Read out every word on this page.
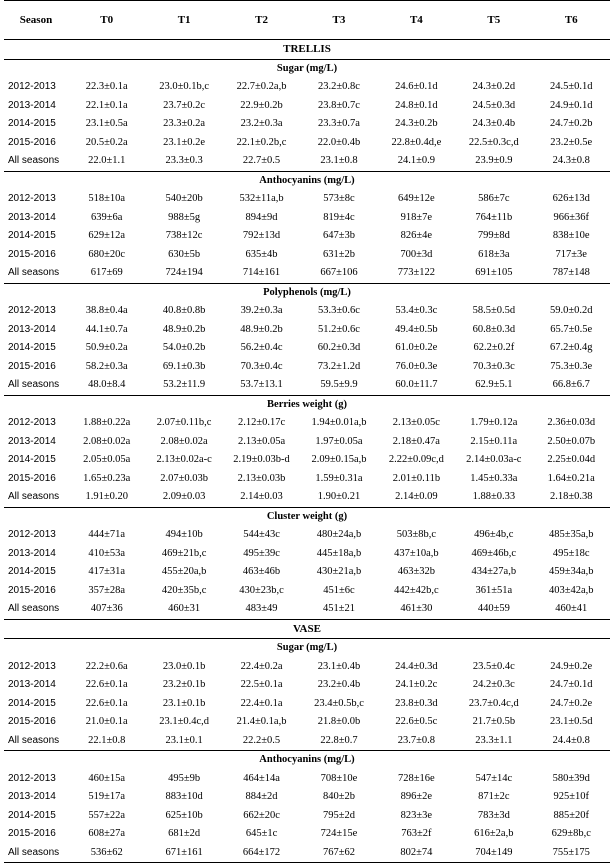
Season	T0	T1	T2	T3	T4	T5	T6
TRELLIS							
Sugar (mg/L)							
2012-2013	22.3±0.1a	23.0±0.1b,c	22.7±0.2a,b	23.2±0.8c	24.6±0.1d	24.3±0.2d	24.5±0.1d
2013-2014	22.1±0.1a	23.7±0.2c	22.9±0.2b	23.8±0.7c	24.8±0.1d	24.5±0.3d	24.9±0.1d
2014-2015	23.1±0.5a	23.3±0.2a	23.2±0.3a	23.3±0.7a	24.3±0.2b	24.3±0.4b	24.7±0.2b
2015-2016	20.5±0.2a	23.1±0.2e	22.1±0.2b,c	22.0±0.4b	22.8±0.4d,e	22.5±0.3c,d	23.2±0.5e
All seasons	22.0±1.1	23.3±0.3	22.7±0.5	23.1±0.8	24.1±0.9	23.9±0.9	24.3±0.8
Anthocyanins (mg/L)							
2012-2013	518±10a	540±20b	532±11a,b	573±8c	649±12e	586±7c	626±13d
2013-2014	639±6a	988±5g	894±9d	819±4c	918±7e	764±11b	966±36f
2014-2015	629±12a	738±12c	792±13d	647±3b	826±4e	799±8d	838±10e
2015-2016	680±20c	630±5b	635±4b	631±2b	700±3d	618±3a	717±3e
All seasons	617±69	724±194	714±161	667±106	773±122	691±105	787±148
Polyphenols (mg/L)							
2012-2013	38.8±0.4a	40.8±0.8b	39.2±0.3a	53.3±0.6c	53.4±0.3c	58.5±0.5d	59.0±0.2d
2013-2014	44.1±0.7a	48.9±0.2b	48.9±0.2b	51.2±0.6c	49.4±0.5b	60.8±0.3d	65.7±0.5e
2014-2015	50.9±0.2a	54.0±0.2b	56.2±0.4c	60.2±0.3d	61.0±0.2e	62.2±0.2f	67.2±0.4g
2015-2016	58.2±0.3a	69.1±0.3b	70.3±0.4c	73.2±1.2d	76.0±0.3e	70.3±0.3c	75.3±0.3e
All seasons	48.0±8.4	53.2±11.9	53.7±13.1	59.5±9.9	60.0±11.7	62.9±5.1	66.8±6.7
Berries weight (g)							
2012-2013	1.88±0.22a	2.07±0.11b,c	2.12±0.17c	1.94±0.01a,b	2.13±0.05c	1.79±0.12a	2.36±0.03d
2013-2014	2.08±0.02a	2.08±0.02a	2.13±0.05a	1.97±0.05a	2.18±0.47a	2.15±0.11a	2.50±0.07b
2014-2015	2.05±0.05a	2.13±0.02a-c	2.19±0.03b-d	2.09±0.15a,b	2.22±0.09c,d	2.14±0.03a-c	2.25±0.04d
2015-2016	1.65±0.23a	2.07±0.03b	2.13±0.03b	1.59±0.31a	2.01±0.11b	1.45±0.33a	1.64±0.21a
All seasons	1.91±0.20	2.09±0.03	2.14±0.03	1.90±0.21	2.14±0.09	1.88±0.33	2.18±0.38
Cluster weight (g)							
2012-2013	444±71a	494±10b	544±43c	480±24a,b	503±8b,c	496±4b,c	485±35a,b
2013-2014	410±53a	469±21b,c	495±39c	445±18a,b	437±10a,b	469±46b,c	495±18c
2014-2015	417±31a	455±20a,b	463±46b	430±21a,b	463±32b	434±27a,b	459±34a,b
2015-2016	357±28a	420±35b,c	430±23b,c	451±6c	442±42b,c	361±51a	403±42a,b
All seasons	407±36	460±31	483±49	451±21	461±30	440±59	460±41
VASE							
Sugar (mg/L)							
2012-2013	22.2±0.6a	23.0±0.1b	22.4±0.2a	23.1±0.4b	24.4±0.3d	23.5±0.4c	24.9±0.2e
2013-2014	22.6±0.1a	23.2±0.1b	22.5±0.1a	23.2±0.4b	24.1±0.2c	24.2±0.3c	24.7±0.1d
2014-2015	22.6±0.1a	23.1±0.1b	22.4±0.1a	23.4±0.5b,c	23.8±0.3d	23.7±0.4c,d	24.7±0.2e
2015-2016	21.0±0.1a	23.1±0.4c,d	21.4±0.1a,b	21.8±0.0b	22.6±0.5c	21.7±0.5b	23.1±0.5d
All seasons	22.1±0.8	23.1±0.1	22.2±0.5	22.8±0.7	23.7±0.8	23.3±1.1	24.4±0.8
Anthocyanins (mg/L)							
2012-2013	460±15a	495±9b	464±14a	708±10e	728±16e	547±14c	580±39d
2013-2014	519±17a	883±10d	884±2d	840±2b	896±2e	871±2c	925±10f
2014-2015	557±22a	625±10b	662±20c	795±2d	823±3e	783±3d	885±20f
2015-2016	608±27a	681±2d	645±1c	724±15e	763±2f	616±2a,b	629±8b,c
All seasons	536±62	671±161	664±172	767±62	802±74	704±149	755±175
